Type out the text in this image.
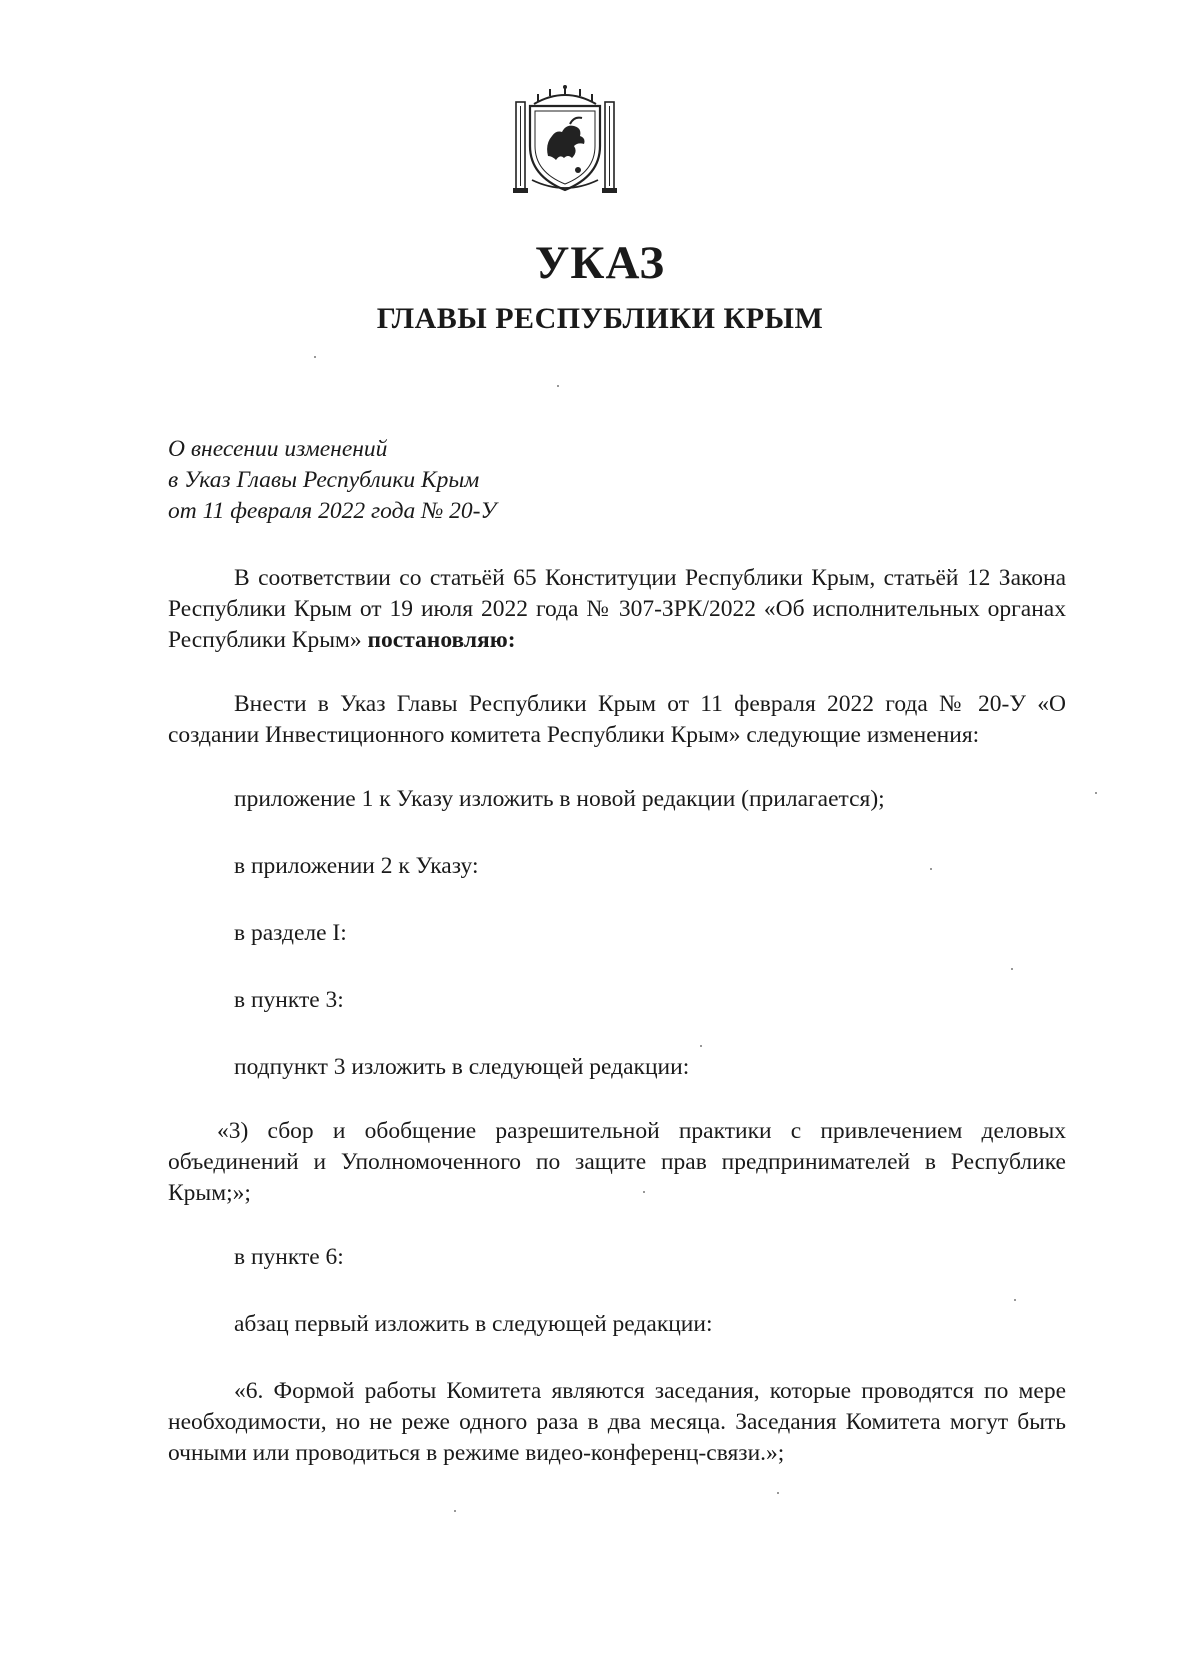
УКАЗ
ГЛАВЫ РЕСПУБЛИКИ КРЫМ
О внесении изменений
в Указ Главы Республики Крым
от 11 февраля 2022 года № 20-У

В соответствии со статьёй 65 Конституции Республики Крым, статьёй 12 Закона Республики Крым от 19 июля 2022 года № 307-ЗРК/2022 «Об исполнительных органах Республики Крым» постановляю:

Внести в Указ Главы Республики Крым от 11 февраля 2022 года № 20-У «О создании Инвестиционного комитета Республики Крым» следующие изменения:

приложение 1 к Указу изложить в новой редакции (прилагается);

в приложении 2 к Указу:

в разделе I:

в пункте 3:

подпункт 3 изложить в следующей редакции:

«3) сбор и обобщение разрешительной практики с привлечением деловых объединений и Уполномоченного по защите прав предпринимателей в Республике Крым;»;

в пункте 6:

абзац первый изложить в следующей редакции:

«6. Формой работы Комитета являются заседания, которые проводятся по мере необходимости, но не реже одного раза в два месяца. Заседания Комитета могут быть очными или проводиться в режиме видео-конференц-связи.»;
